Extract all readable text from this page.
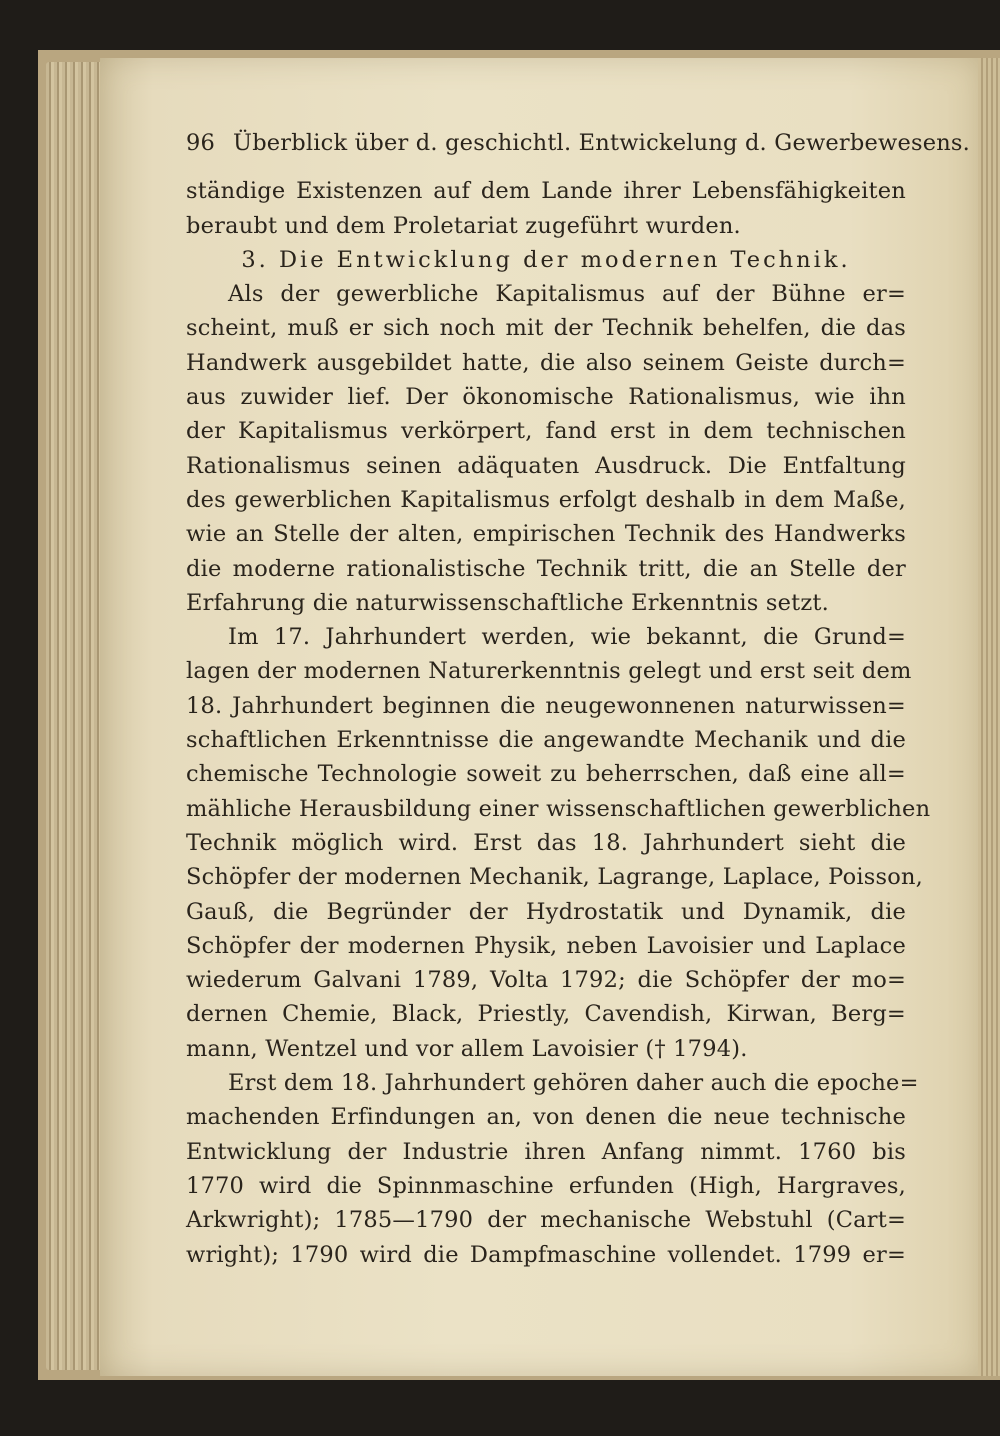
96 Überblick über d. geschichtl. Entwickelung d. Gewerbewesens.
ständige Existenzen auf dem Lande ihrer Lebensfähigkeiten
beraubt und dem Proletariat zugeführt wurden.
3. Die Entwicklung der modernen Technik.
Als der gewerbliche Kapitalismus auf der Bühne er=
scheint, muß er sich noch mit der Technik behelfen, die das
Handwerk ausgebildet hatte, die also seinem Geiste durch=
aus zuwider lief. Der ökonomische Rationalismus, wie ihn
der Kapitalismus verkörpert, fand erst in dem technischen
Rationalismus seinen adäquaten Ausdruck. Die Entfaltung
des gewerblichen Kapitalismus erfolgt deshalb in dem Maße,
wie an Stelle der alten, empirischen Technik des Handwerks
die moderne rationalistische Technik tritt, die an Stelle der
Erfahrung die naturwissenschaftliche Erkenntnis setzt.
Im 17. Jahrhundert werden, wie bekannt, die Grund=
lagen der modernen Naturerkenntnis gelegt und erst seit dem
18. Jahrhundert beginnen die neugewonnenen naturwissen=
schaftlichen Erkenntnisse die angewandte Mechanik und die
chemische Technologie soweit zu beherrschen, daß eine all=
mähliche Herausbildung einer wissenschaftlichen gewerblichen
Technik möglich wird. Erst das 18. Jahrhundert sieht die
Schöpfer der modernen Mechanik, Lagrange, Laplace, Poisson,
Gauß, die Begründer der Hydrostatik und Dynamik, die
Schöpfer der modernen Physik, neben Lavoisier und Laplace
wiederum Galvani 1789, Volta 1792; die Schöpfer der mo=
dernen Chemie, Black, Priestly, Cavendish, Kirwan, Berg=
mann, Wentzel und vor allem Lavoisier († 1794).
Erst dem 18. Jahrhundert gehören daher auch die epoche=
machenden Erfindungen an, von denen die neue technische
Entwicklung der Industrie ihren Anfang nimmt. 1760 bis
1770 wird die Spinnmaschine erfunden (High, Hargraves,
Arkwright); 1785—1790 der mechanische Webstuhl (Cart=
wright); 1790 wird die Dampfmaschine vollendet. 1799 er=
